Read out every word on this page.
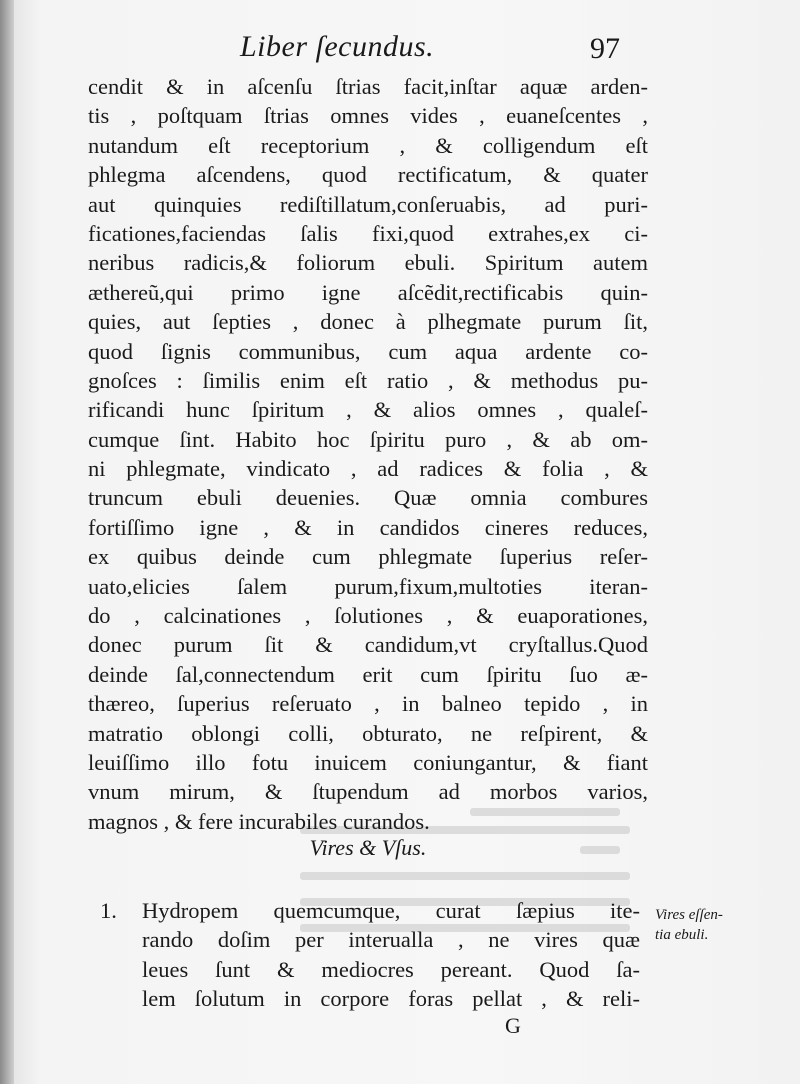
Liber ſecundus.	97
cendit & in aſcenſu ſtrias facit,inſtar aquæ arden-
tis , poſtquam ſtrias omnes vides , euaneſcentes ,
nutandum eſt receptorium , & colligendum eſt
phlegma aſcendens, quod rectificatum, & quater
aut quinquies rediſtillatum,conſeruabis, ad puri-
ficationes,faciendas ſalis fixi,quod extrahes,ex ci-
neribus radicis,& foliorum ebuli. Spiritum autem
æthereũ,qui primo igne aſcẽdit,rectificabis quin-
quies, aut ſepties , donec à plhegmate purum ſit,
quod ſignis communibus, cum aqua ardente co-
gnoſces : ſimilis enim eſt ratio , & methodus pu-
rificandi hunc ſpiritum , & alios omnes , qualeſ-
cumque ſint. Habito hoc ſpiritu puro , & ab om-
ni phlegmate, vindicato , ad radices & folia , &
truncum ebuli deuenies. Quæ omnia combures
fortiſſimo igne , & in candidos cineres reduces,
ex quibus deinde cum phlegmate ſuperius reſer-
uato,elicies ſalem purum,fixum,multoties iteran-
do , calcinationes , ſolutiones , & euaporationes,
donec purum ſit & candidum,vt cryſtallus.Quod
deinde ſal,connectendum erit cum ſpiritu ſuo æ-
thæreo, ſuperius reſeruato , in balneo tepido , in
matratio oblongi colli, obturato, ne reſpirent, &
leuiſſimo illo fotu inuicem coniungantur, & fiant
vnum mirum, & ſtupendum ad morbos varios,
magnos , & fere incurabiles curandos.
Vires & Vſus.
1. Hydropem quemcumque, curat ſæpius ite-
rando doſim per interualla , ne vires quæ
leues ſunt & mediocres pereant. Quod ſa-
lem ſolutum in corpore foras pellat , & reli-
Vires eſſen-
tia ebuli.
G
